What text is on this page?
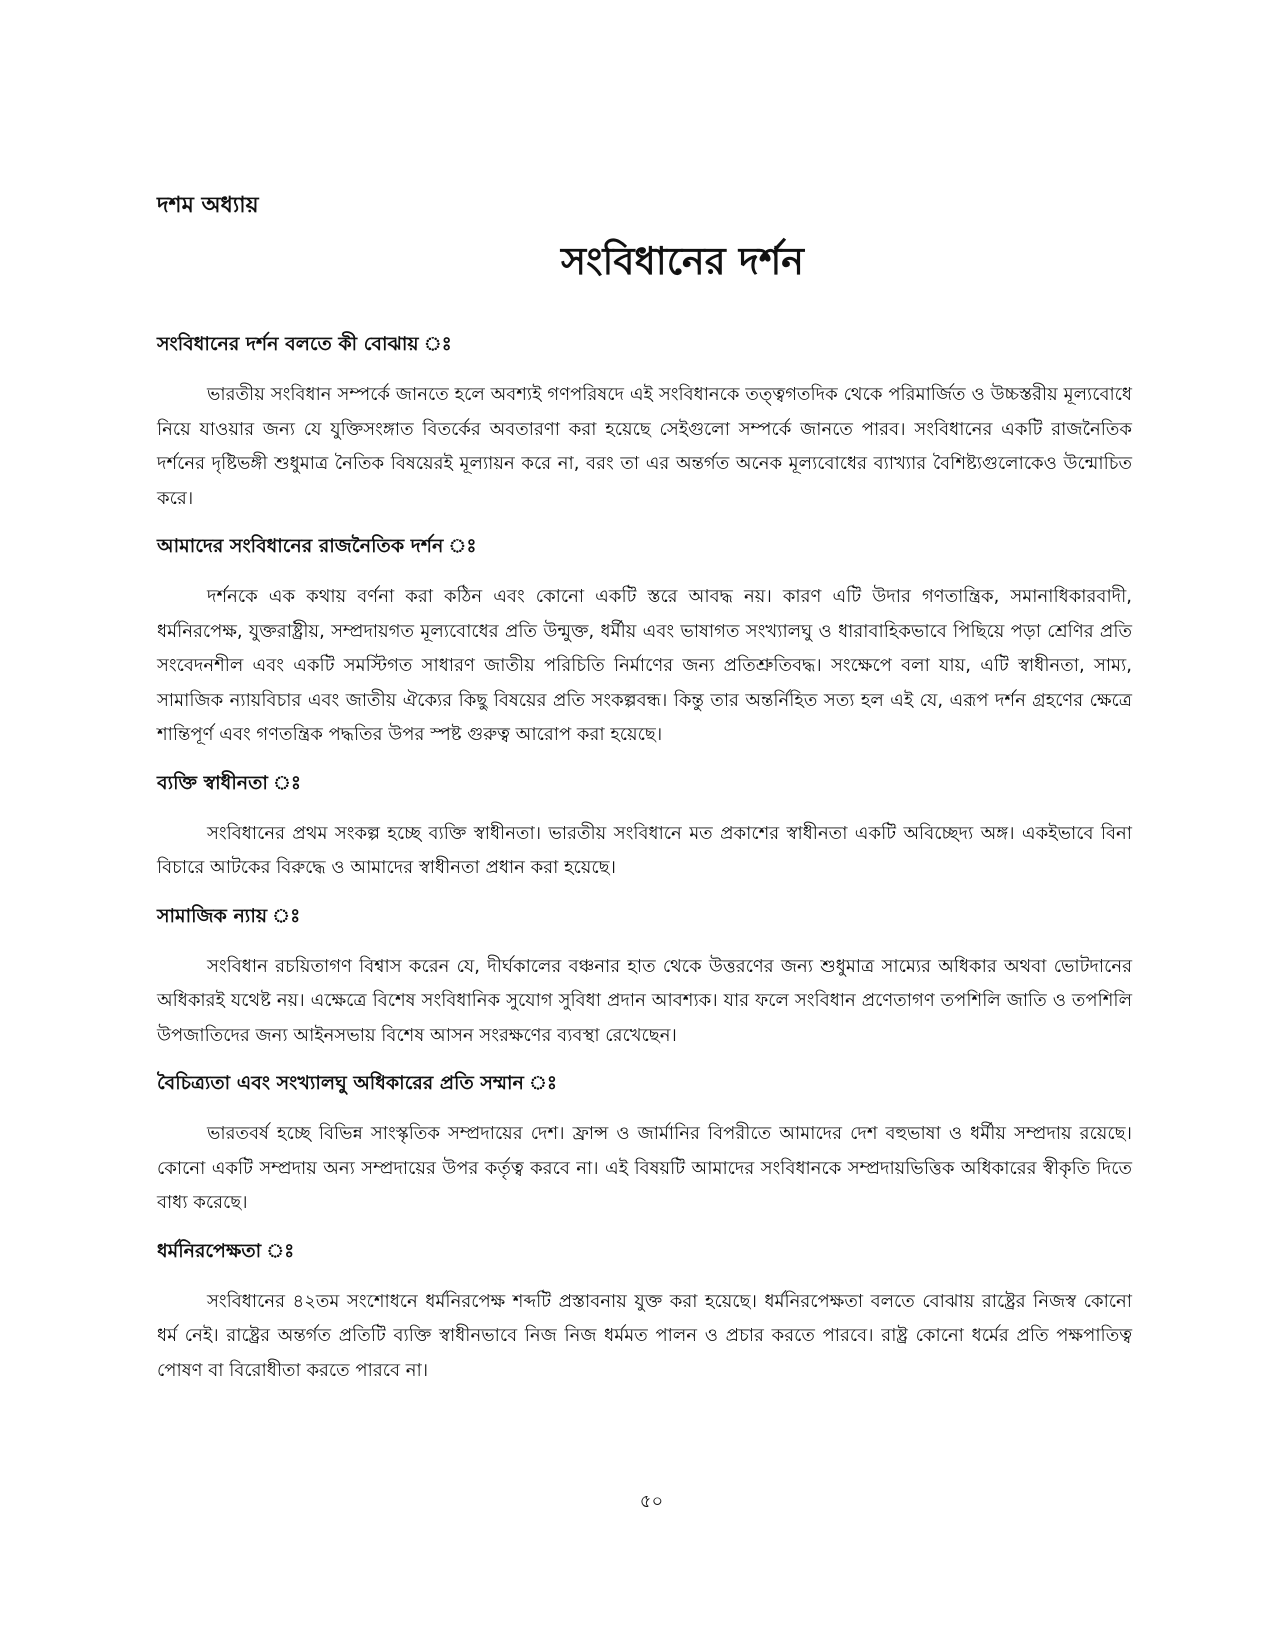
দশম অধ্যায়
সংবিধানের দর্শন
সংবিধানের দর্শন বলতে কী বোঝায় ঃ

ভারতীয় সংবিধান সম্পর্কে জানতে হলে অবশ্যই গণপরিষদে এই সংবিধানকে তত্ত্বগতদিক থেকে পরিমার্জিত ও উচ্চস্তরীয় মূল্যবোধে নিয়ে যাওয়ার জন্য যে যুক্তিসংঙ্গাত বিতর্কের অবতারণা করা হয়েছে সেইগুলো সম্পর্কে জানতে পারব। সংবিধানের একটি রাজনৈতিক দর্শনের দৃষ্টিভঙ্গী শুধুমাত্র নৈতিক বিষয়েরই মূল্যায়ন করে না, বরং তা এর অন্তর্গত অনেক মূল্যবোধের ব্যাখ্যার বৈশিষ্ট্যগুলোকেও উন্মোচিত করে।

আমাদের সংবিধানের রাজনৈতিক দর্শন ঃ

দর্শনকে এক কথায় বর্ণনা করা কঠিন এবং কোনো একটি স্তরে আবদ্ধ নয়। কারণ এটি উদার গণতান্ত্রিক, সমানাধিকারবাদী, ধর্মনিরপেক্ষ, যুক্তরাষ্ট্রীয়, সম্প্রদায়গত মূল্যবোধের প্রতি উন্মুক্ত, ধর্মীয় এবং ভাষাগত সংখ্যালঘু ও ধারাবাহিকভাবে পিছিয়ে পড়া শ্রেণির প্রতি সংবেদনশীল এবং একটি সমস্টিগত সাধারণ জাতীয় পরিচিতি নির্মাণের জন্য প্রতিশ্রুতিবদ্ধ। সংক্ষেপে বলা যায়, এটি স্বাধীনতা, সাম্য, সামাজিক ন্যায়বিচার এবং জাতীয় ঐক্যের কিছু বিষয়ের প্রতি সংকল্পবন্ধ। কিন্তু তার অন্তর্নিহিত সত্য হল এই যে, এরূপ দর্শন গ্রহণের ক্ষেত্রে শান্তিপূর্ণ এবং গণতন্ত্রিক পদ্ধতির উপর স্পষ্ট গুরুত্ব আরোপ করা হয়েছে।

ব্যক্তি স্বাধীনতা ঃ

সংবিধানের প্রথম সংকল্প হচ্ছে ব্যক্তি স্বাধীনতা। ভারতীয় সংবিধানে মত প্রকাশের স্বাধীনতা একটি অবিচ্ছেদ্য অঙ্গ। একইভাবে বিনা বিচারে আটকের বিরুদ্ধে ও আমাদের স্বাধীনতা প্রধান করা হয়েছে।

সামাজিক ন্যায় ঃ

সংবিধান রচয়িতাগণ বিশ্বাস করেন যে, দীর্ঘকালের বঞ্চনার হাত থেকে উত্তরণের জন্য শুধুমাত্র সাম্যের অধিকার অথবা ভোটদানের অধিকারই যথেষ্ট নয়। এক্ষেত্রে বিশেষ সংবিধানিক সুযোগ সুবিধা প্রদান আবশ্যক। যার ফলে সংবিধান প্রণেতাগণ তপশিলি জাতি ও তপশিলি উপজাতিদের জন্য আইনসভায় বিশেষ আসন সংরক্ষণের ব্যবস্থা রেখেছেন।

বৈচিত্র্যতা এবং সংখ্যালঘু অধিকারের প্রতি সম্মান ঃ

ভারতবর্ষ হচ্ছে বিভিন্ন সাংস্কৃতিক সম্প্রদায়ের দেশ। ফ্রান্স ও জার্মানির বিপরীতে আমাদের দেশ বহুভাষা ও ধর্মীয় সম্প্রদায় রয়েছে। কোনো একটি সম্প্রদায় অন্য সম্প্রদায়ের উপর কর্তৃত্ব করবে না। এই বিষয়টি আমাদের সংবিধানকে সম্প্রদায়ভিত্তিক অধিকারের স্বীকৃতি দিতে বাধ্য করেছে।

ধর্মনিরপেক্ষতা ঃ

সংবিধানের ৪২তম সংশোধনে ধর্মনিরপেক্ষ শব্দটি প্রস্তাবনায় যুক্ত করা হয়েছে। ধর্মনিরপেক্ষতা বলতে বোঝায় রাষ্ট্রের নিজস্ব কোনো ধর্ম নেই। রাষ্ট্রের অন্তর্গত প্রতিটি ব্যক্তি স্বাধীনভাবে নিজ নিজ ধর্মমত পালন ও প্রচার করতে পারবে। রাষ্ট্র কোনো ধর্মের প্রতি পক্ষপাতিত্ব পোষণ বা বিরোধীতা করতে পারবে না।

৫০
